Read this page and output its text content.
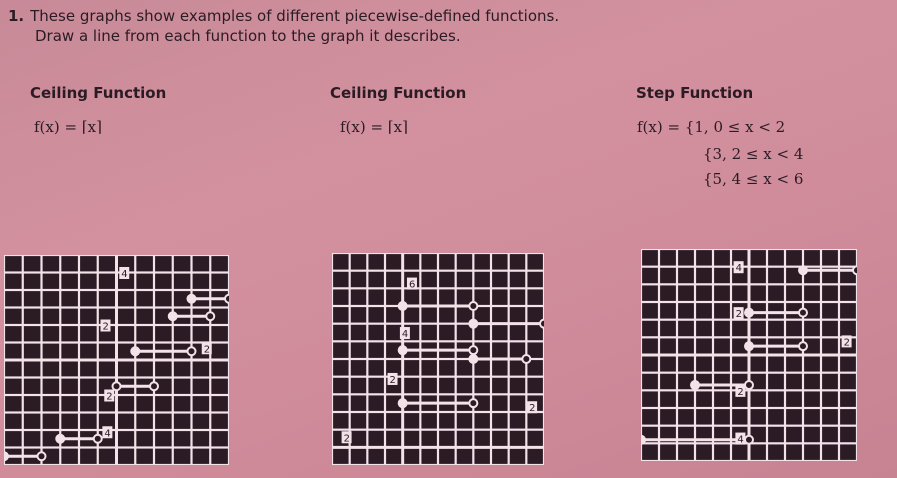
1. These graphs show examples of different piecewise-defined functions.
Draw a line from each function to the graph it describes.
Ceiling Function	Ceiling Function	Step Function
f(x) = ⌈x⌉	f(x) = ⌈x⌉	f(x) = {1, 0 ≤ x < 2
{3, 2 ≤ x < 4
{5, 4 ≤ x < 6
4
2
2
2
4
6
4
2
2
2
4
2
2
2
4
